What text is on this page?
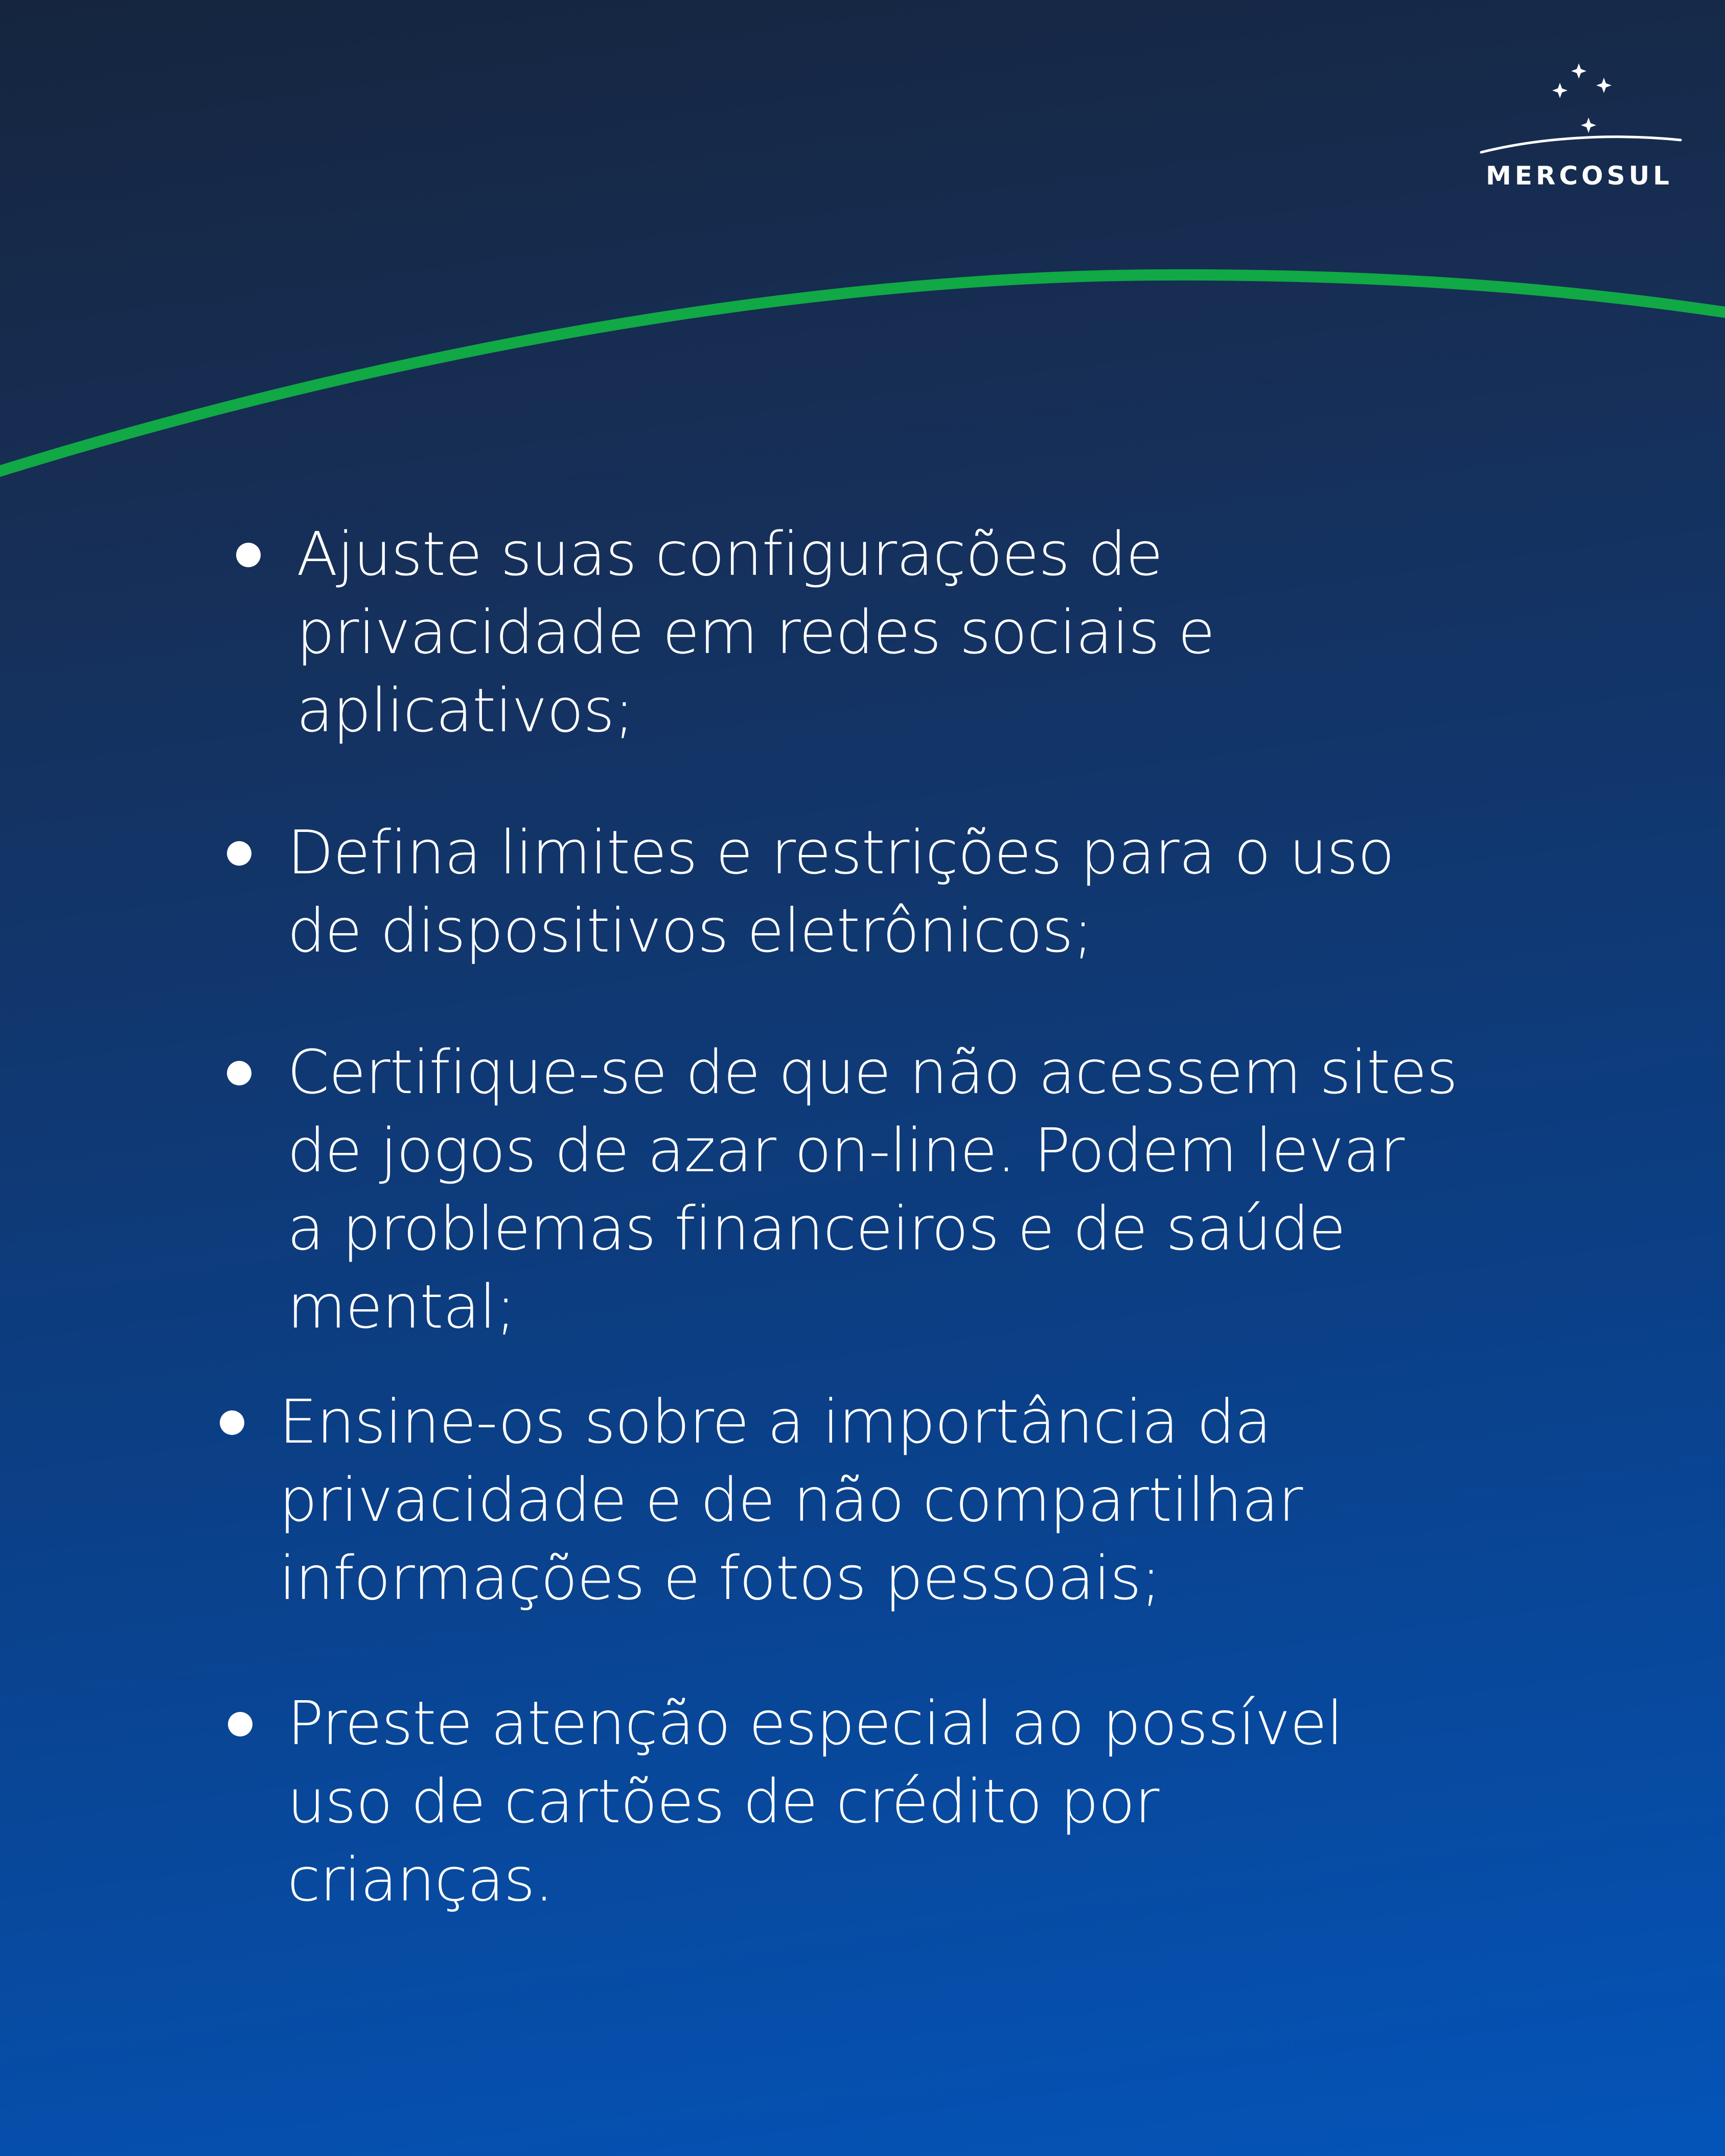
MERCOSUL
Ajuste suas configurações de
privacidade em redes sociais e
aplicativos;
Defina limites e restrições para o uso
de dispositivos eletrônicos;
Certifique-se de que não acessem sites
de jogos de azar on-line. Podem levar
a problemas financeiros e de saúde
mental;
Ensine-os sobre a importância da
privacidade e de não compartilhar
informações e fotos pessoais;
Preste atenção especial ao possível
uso de cartões de crédito por
crianças.
